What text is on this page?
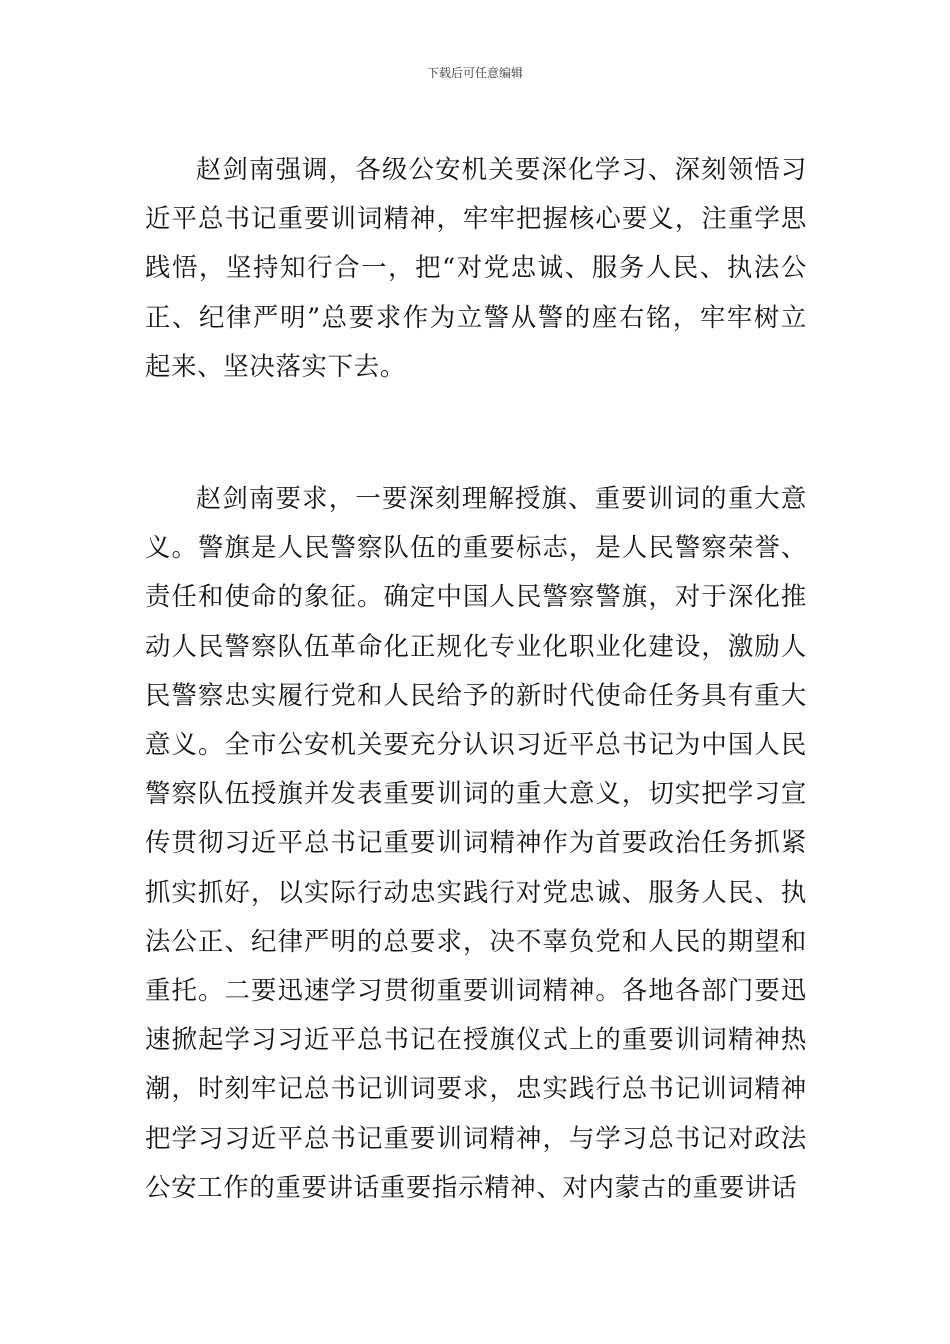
下载后可任意编辑

赵剑南强调，各级公安机关要深化学习、深刻领悟习近平总书记重要训词精神，牢牢把握核心要义，注重学思践悟，坚持知行合一，把“对党忠诚、服务人民、执法公正、纪律严明”总要求作为立警从警的座右铭，牢牢树立起来、坚决落实下去。

赵剑南要求，一要深刻理解授旗、重要训词的重大意义。警旗是人民警察队伍的重要标志，是人民警察荣誉、责任和使命的象征。确定中国人民警察警旗，对于深化推动人民警察队伍革命化正规化专业化职业化建设，激励人民警察忠实履行党和人民给予的新时代使命任务具有重大意义。全市公安机关要充分认识习近平总书记为中国人民警察队伍授旗并发表重要训词的重大意义，切实把学习宣传贯彻习近平总书记重要训词精神作为首要政治任务抓紧抓实抓好，以实际行动忠实践行对党忠诚、服务人民、执法公正、纪律严明的总要求，决不辜负党和人民的期望和重托。二要迅速学习贯彻重要训词精神。各地各部门要迅速掀起学习习近平总书记在授旗仪式上的重要训词精神热潮，时刻牢记总书记训词要求，忠实践行总书记训词精神把学习习近平总书记重要训词精神，与学习总书记对政法公安工作的重要讲话重要指示精神、对内蒙古的重要讲话
